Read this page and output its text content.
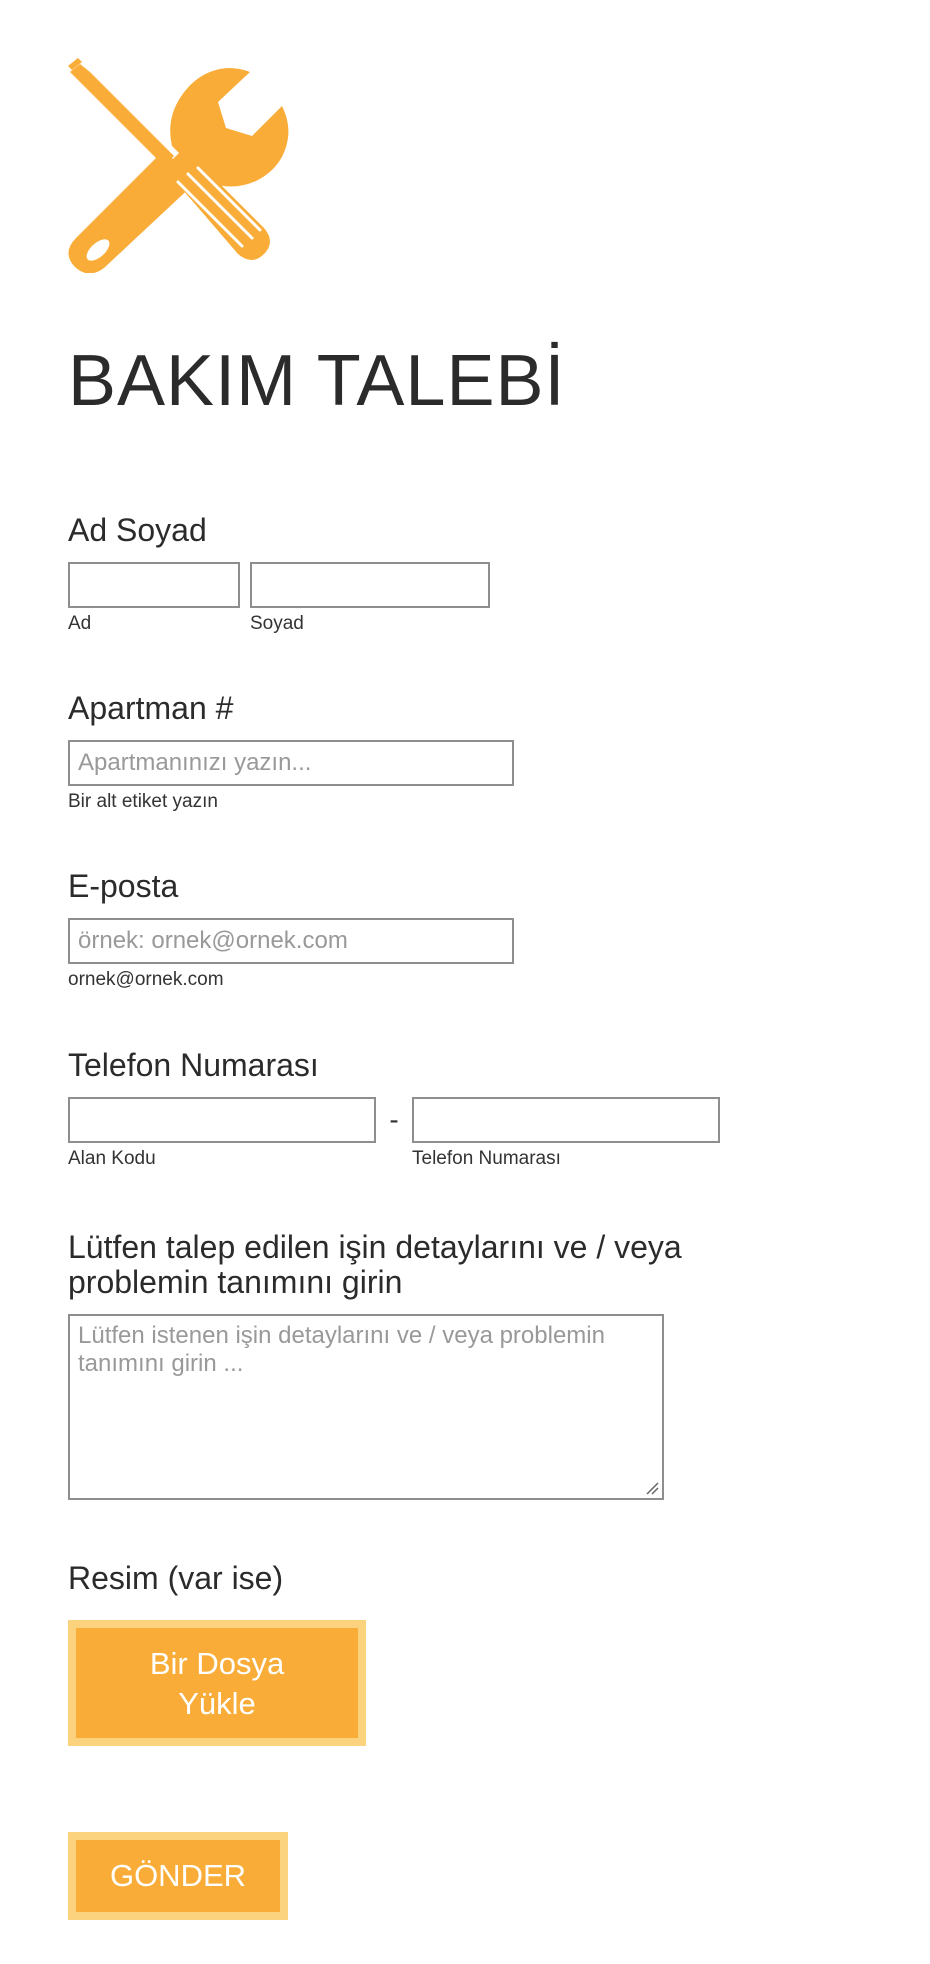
BAKIM TALEBİ
Ad Soyad
Ad	Soyad
Apartman #
Apartmanınızı yazın...
Bir alt etiket yazın
E-posta
örnek: ornek@ornek.com
ornek@ornek.com
Telefon Numarası
Alan Kodu
-
Telefon Numarası
Lütfen talep edilen işin detaylarını ve / veya problemin tanımını girin
Lütfen istenen işin detaylarını ve / veya problemin tanımını girin ...
Resim (var ise)
Bir Dosya Yükle
GÖNDER
